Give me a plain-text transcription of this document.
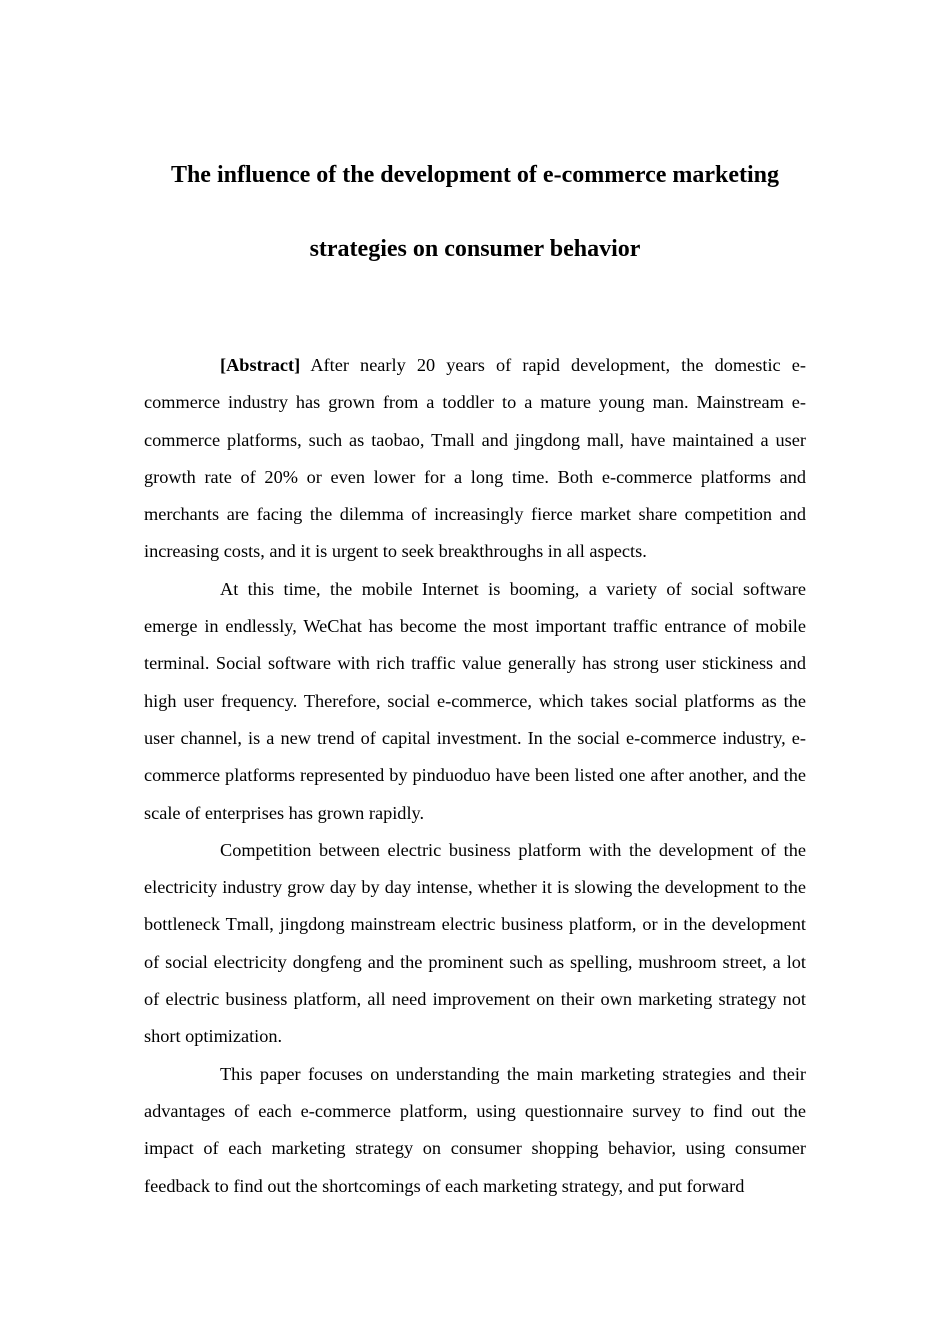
The influence of the development of e-commerce marketing
strategies on consumer behavior

[Abstract] After nearly 20 years of rapid development, the domestic e-commerce industry has grown from a toddler to a mature young man. Mainstream e-commerce platforms, such as taobao, Tmall and jingdong mall, have maintained a user growth rate of 20% or even lower for a long time. Both e-commerce platforms and merchants are facing the dilemma of increasingly fierce market share competition and increasing costs, and it is urgent to seek breakthroughs in all aspects.

At this time, the mobile Internet is booming, a variety of social software emerge in endlessly, WeChat has become the most important traffic entrance of mobile terminal. Social software with rich traffic value generally has strong user stickiness and high user frequency. Therefore, social e-commerce, which takes social platforms as the user channel, is a new trend of capital investment. In the social e-commerce industry, e-commerce platforms represented by pinduoduo have been listed one after another, and the scale of enterprises has grown rapidly.

Competition between electric business platform with the development of the electricity industry grow day by day intense, whether it is slowing the development to the bottleneck Tmall, jingdong mainstream electric business platform, or in the development of social electricity dongfeng and the prominent such as spelling, mushroom street, a lot of electric business platform, all need improvement on their own marketing strategy not short optimization.

This paper focuses on understanding the main marketing strategies and their advantages of each e-commerce platform, using questionnaire survey to find out the impact of each marketing strategy on consumer shopping behavior, using consumer feedback to find out the shortcomings of each marketing strategy, and put forward
